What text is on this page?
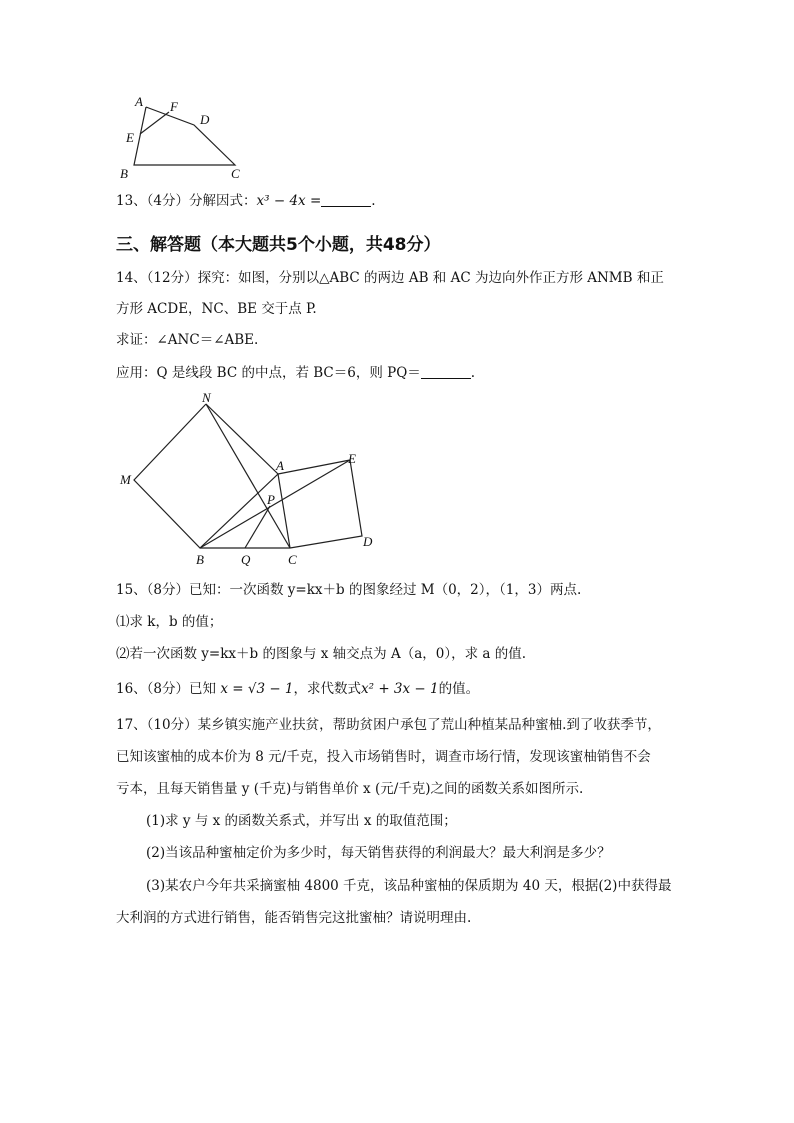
A F
D
E
B	C
13、（4分）分解因式：x³ − 4x =	.
三、解答题（本大题共5个小题，共48分）
14、（12分）探究：如图，分别以△ABC 的两边 AB 和 AC 为边向外作正方形 ANMB 和正
方形 ACDE，NC、BE 交于点 P.
求证：∠ANC＝∠ABE.
应用：Q 是线段 BC 的中点，若 BC＝6，则 PQ＝	.
N
M
A	E
P
B	Q	C
D
15、（8分）已知：一次函数 y=kx＋b 的图象经过 M（0，2），（1，3）两点.
⑴求 k，b 的值；
⑵若一次函数 y=kx＋b 的图象与 x 轴交点为 A（a，0），求 a 的值.
16、（8分）已知 x = √3 − 1，求代数式x² + 3x − 1的值。
17、（10分）某乡镇实施产业扶贫，帮助贫困户承包了荒山种植某品种蜜柚.到了收获季节，
已知该蜜柚的成本价为 8 元/千克，投入市场销售时，调查市场行情，发现该蜜柚销售不会
亏本，且每天销售量 y (千克)与销售单价 x (元/千克)之间的函数关系如图所示.
(1)求 y 与 x 的函数关系式，并写出 x 的取值范围；
(2)当该品种蜜柚定价为多少时，每天销售获得的利润最大？最大利润是多少？
(3)某农户今年共采摘蜜柚 4800 千克，该品种蜜柚的保质期为 40 天，根据(2)中获得最
大利润的方式进行销售，能否销售完这批蜜柚？请说明理由.
